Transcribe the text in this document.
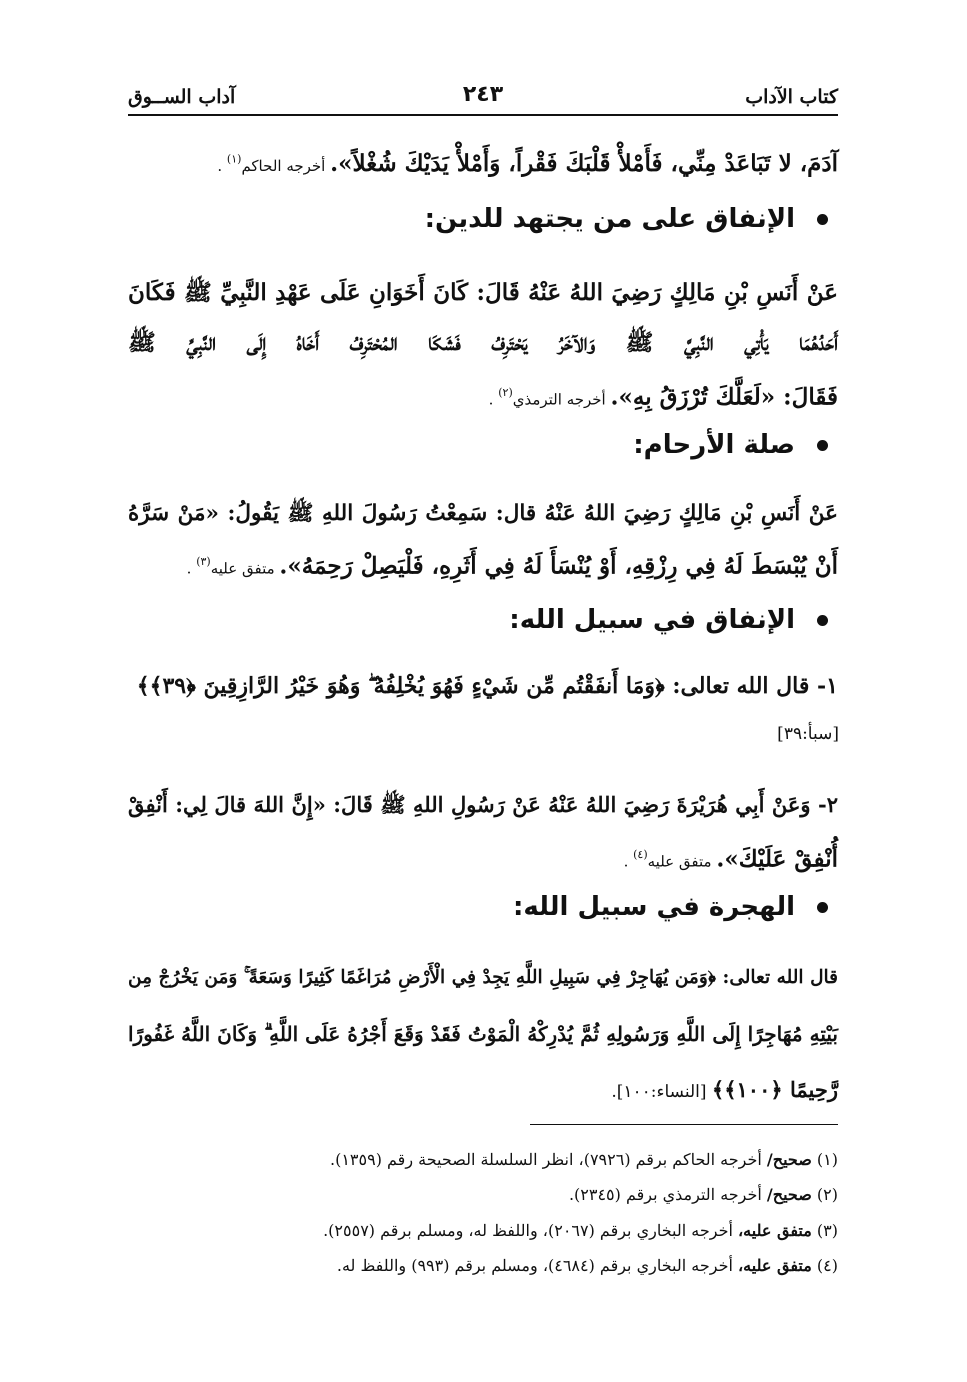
كتاب الآداب
٢٤٣
آداب الســوق
آدَمَ، لا تَبَاعَدْ مِنِّي، فَأَمْلأْ قَلْبَكَ فَقْراً، وَأَمْلأْ يَدَيْكَ شُغْلاً». أخرجه الحاكم$^{(١)}$ .
الإنفاق على من يجتهد للدين:
عَنْ أَنَسِ بْنِ مَالِكٍ رَضِيَ اللهُ عَنْهُ قَالَ: كَانَ أَخَوَانِ عَلَى عَهْدِ النَّبِيِّ ﷺ فَكَانَ
أَحَدُهُمَا يَأْتِي النَّبِيَّ ﷺ وَالآخَرُ يَحْتَرِفُ فَشَكَا المُحْتَرِفُ أَخَاهُ إِلَى النَّبِيِّ ﷺ
فَقَالَ: «لَعَلَّكَ تُرْزَقُ بِهِ». أخرجه الترمذي$^{(٢)}$ .
صلة الأرحام:
عَنْ أَنَسِ بْنِ مَالِكٍ رَضِيَ اللهُ عَنْهُ قال: سَمِعْتُ رَسُولَ اللهِ ﷺ يَقُولُ: «مَنْ سَرَّهُ
أَنْ يُبْسَطَ لَهُ فِي رِزْقِهِ، أَوْ يُنْسَأَ لَهُ فِي أَثَرِهِ، فَلْيَصِلْ رَحِمَهُ». متفق عليه$^{(٣)}$ .
الإنفاق في سبيل الله:
١- قال الله تعالى: ﴿وَمَا أَنفَقْتُم مِّن شَيْءٍ فَهُوَ يُخْلِفُهُ ۖ وَهُوَ خَيْرُ الرَّازِقِينَ ﴿٣٩﴾﴾
[سبأ:٣٩]
٢- وَعَنْ أَبِي هُرَيْرَةَ رَضِيَ اللهُ عَنْهُ عَنْ رَسُولِ اللهِ ﷺ قَالَ: «إِنَّ اللهَ قالَ لِي: أَنْفِقْ
أُنْفِقْ عَلَيْكَ». متفق عليه$^{(٤)}$ .
الهجرة في سبيل الله:
قال الله تعالى: ﴿وَمَن يُهَاجِرْ فِي سَبِيلِ اللَّهِ يَجِدْ فِي الْأَرْضِ مُرَاغَمًا كَثِيرًا وَسَعَةً ۚ وَمَن يَخْرُجْ مِن
بَيْتِهِ مُهَاجِرًا إِلَى اللَّهِ وَرَسُولِهِ ثُمَّ يُدْرِكْهُ الْمَوْتُ فَقَدْ وَقَعَ أَجْرُهُ عَلَى اللَّهِ ۗ وَكَانَ اللَّهُ غَفُورًا
رَّحِيمًا ﴿١٠٠﴾﴾ [النساء:١٠٠].
(١) صحيح/ أخرجه الحاكم برقم (٧٩٢٦)، انظر السلسلة الصحيحة رقم (١٣٥٩).
(٢) صحيح/ أخرجه الترمذي برقم (٢٣٤٥).
(٣) متفق عليه، أخرجه البخاري برقم (٢٠٦٧)، واللفظ له، ومسلم برقم (٢٥٥٧).
(٤) متفق عليه، أخرجه البخاري برقم (٤٦٨٤)، ومسلم برقم (٩٩٣) واللفظ له.
